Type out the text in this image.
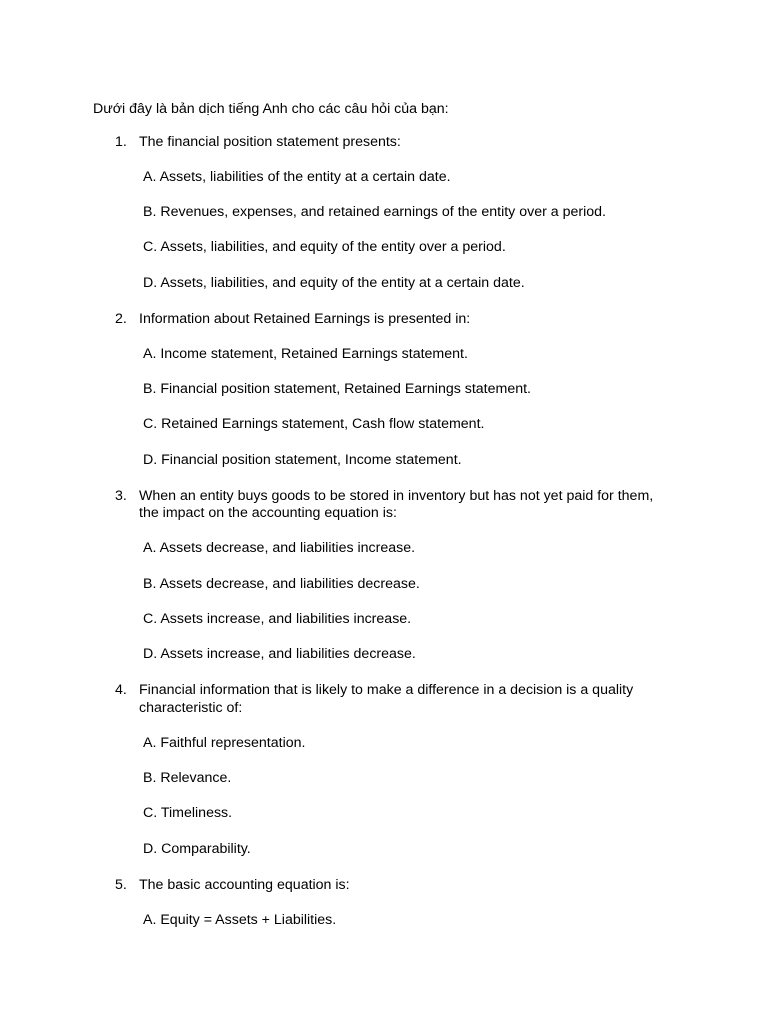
Dưới đây là bản dịch tiếng Anh cho các câu hỏi của bạn:
1. The financial position statement presents:
A. Assets, liabilities of the entity at a certain date.
B. Revenues, expenses, and retained earnings of the entity over a period.
C. Assets, liabilities, and equity of the entity over a period.
D. Assets, liabilities, and equity of the entity at a certain date.
2. Information about Retained Earnings is presented in:
A. Income statement, Retained Earnings statement.
B. Financial position statement, Retained Earnings statement.
C. Retained Earnings statement, Cash flow statement.
D. Financial position statement, Income statement.
3. When an entity buys goods to be stored in inventory but has not yet paid for them,
the impact on the accounting equation is:
A. Assets decrease, and liabilities increase.
B. Assets decrease, and liabilities decrease.
C. Assets increase, and liabilities increase.
D. Assets increase, and liabilities decrease.
4. Financial information that is likely to make a difference in a decision is a quality
characteristic of:
A. Faithful representation.
B. Relevance.
C. Timeliness.
D. Comparability.
5. The basic accounting equation is:
A. Equity = Assets + Liabilities.
